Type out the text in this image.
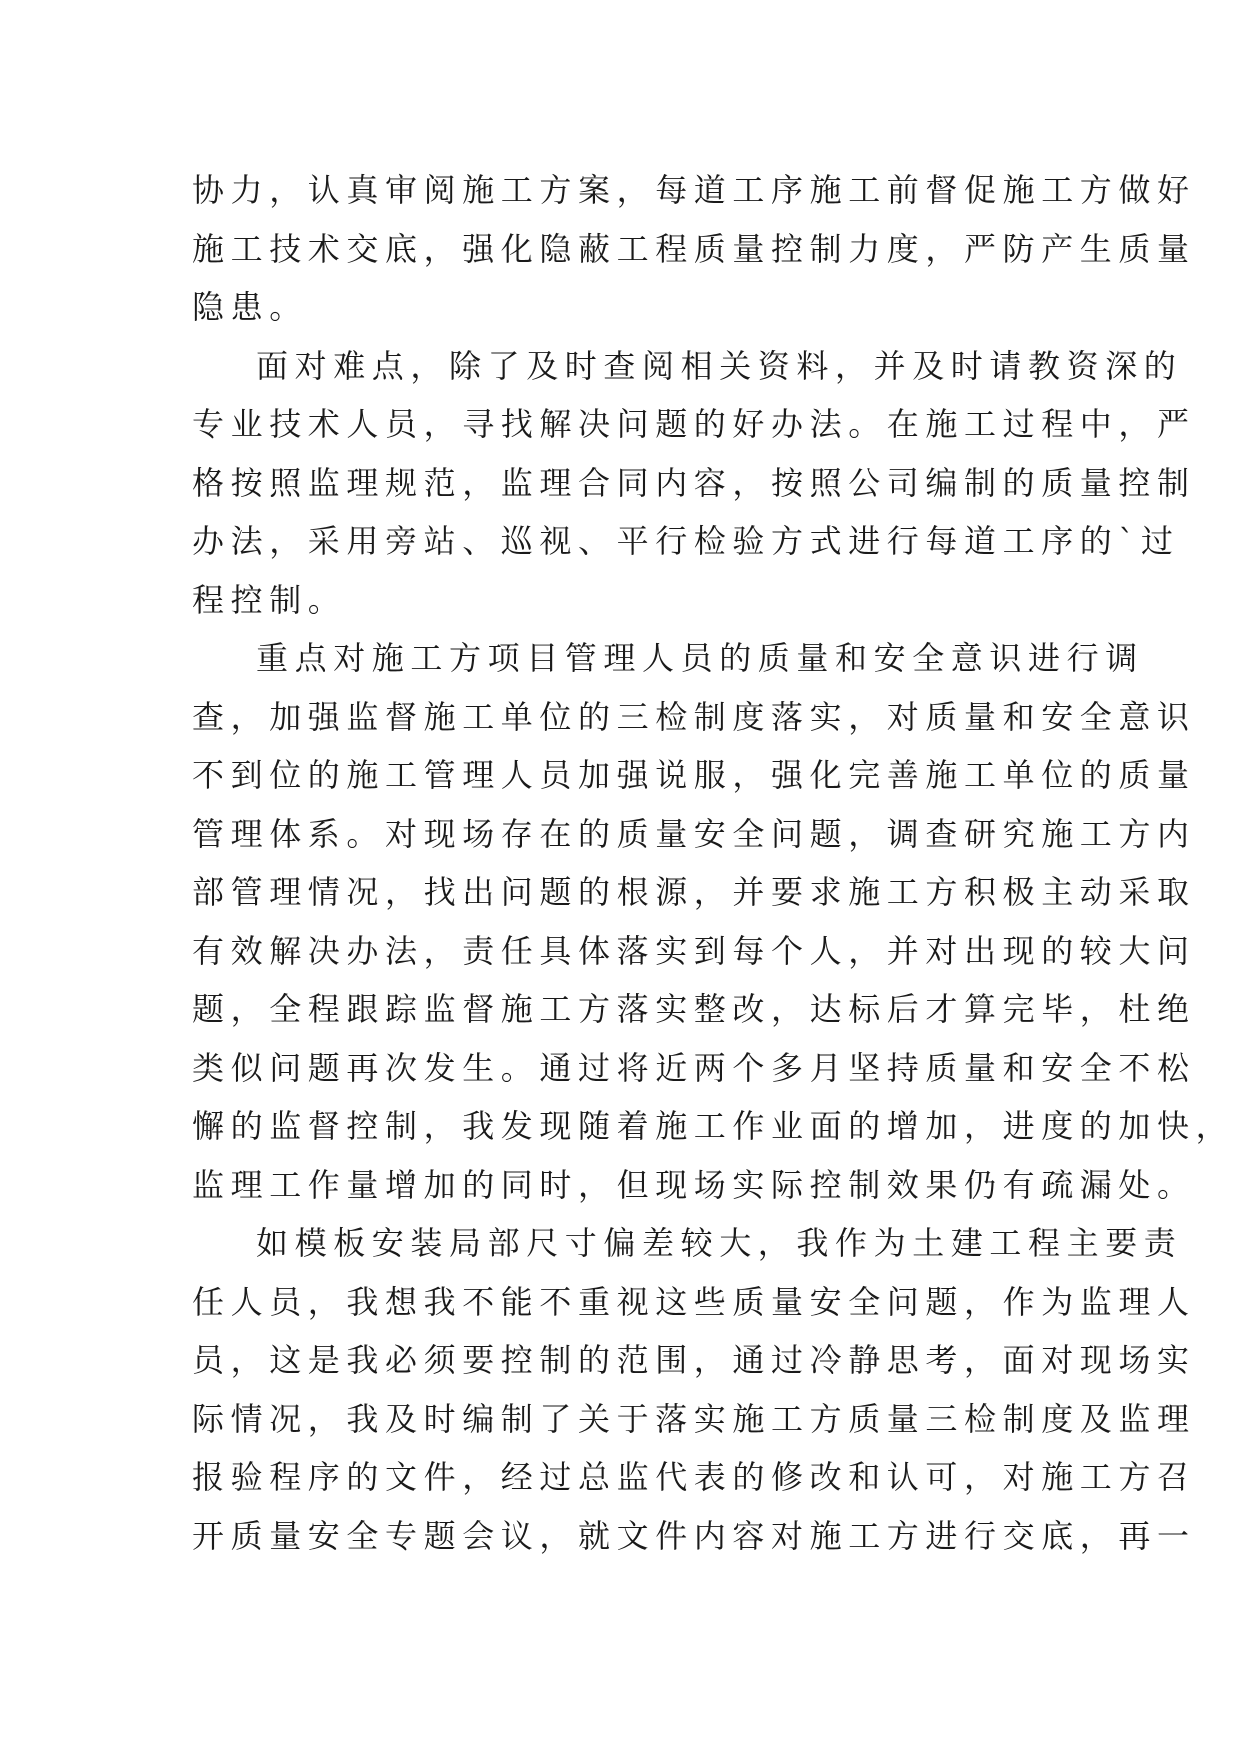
协力，认真审阅施工方案，每道工序施工前督促施工方做好
施工技术交底，强化隐蔽工程质量控制力度，严防产生质量
隐患。
面对难点，除了及时查阅相关资料，并及时请教资深的
专业技术人员，寻找解决问题的好办法。在施工过程中，严
格按照监理规范，监理合同内容，按照公司编制的质量控制
办法，采用旁站、巡视、平行检验方式进行每道工序的`过
程控制。
重点对施工方项目管理人员的质量和安全意识进行调
查，加强监督施工单位的三检制度落实，对质量和安全意识
不到位的施工管理人员加强说服，强化完善施工单位的质量
管理体系。对现场存在的质量安全问题，调查研究施工方内
部管理情况，找出问题的根源，并要求施工方积极主动采取
有效解决办法，责任具体落实到每个人，并对出现的较大问
题，全程跟踪监督施工方落实整改，达标后才算完毕，杜绝
类似问题再次发生。通过将近两个多月坚持质量和安全不松
懈的监督控制，我发现随着施工作业面的增加，进度的加快，
监理工作量增加的同时，但现场实际控制效果仍有疏漏处。
如模板安装局部尺寸偏差较大，我作为土建工程主要责
任人员，我想我不能不重视这些质量安全问题，作为监理人
员，这是我必须要控制的范围，通过冷静思考，面对现场实
际情况，我及时编制了关于落实施工方质量三检制度及监理
报验程序的文件，经过总监代表的修改和认可，对施工方召
开质量安全专题会议，就文件内容对施工方进行交底，再一
